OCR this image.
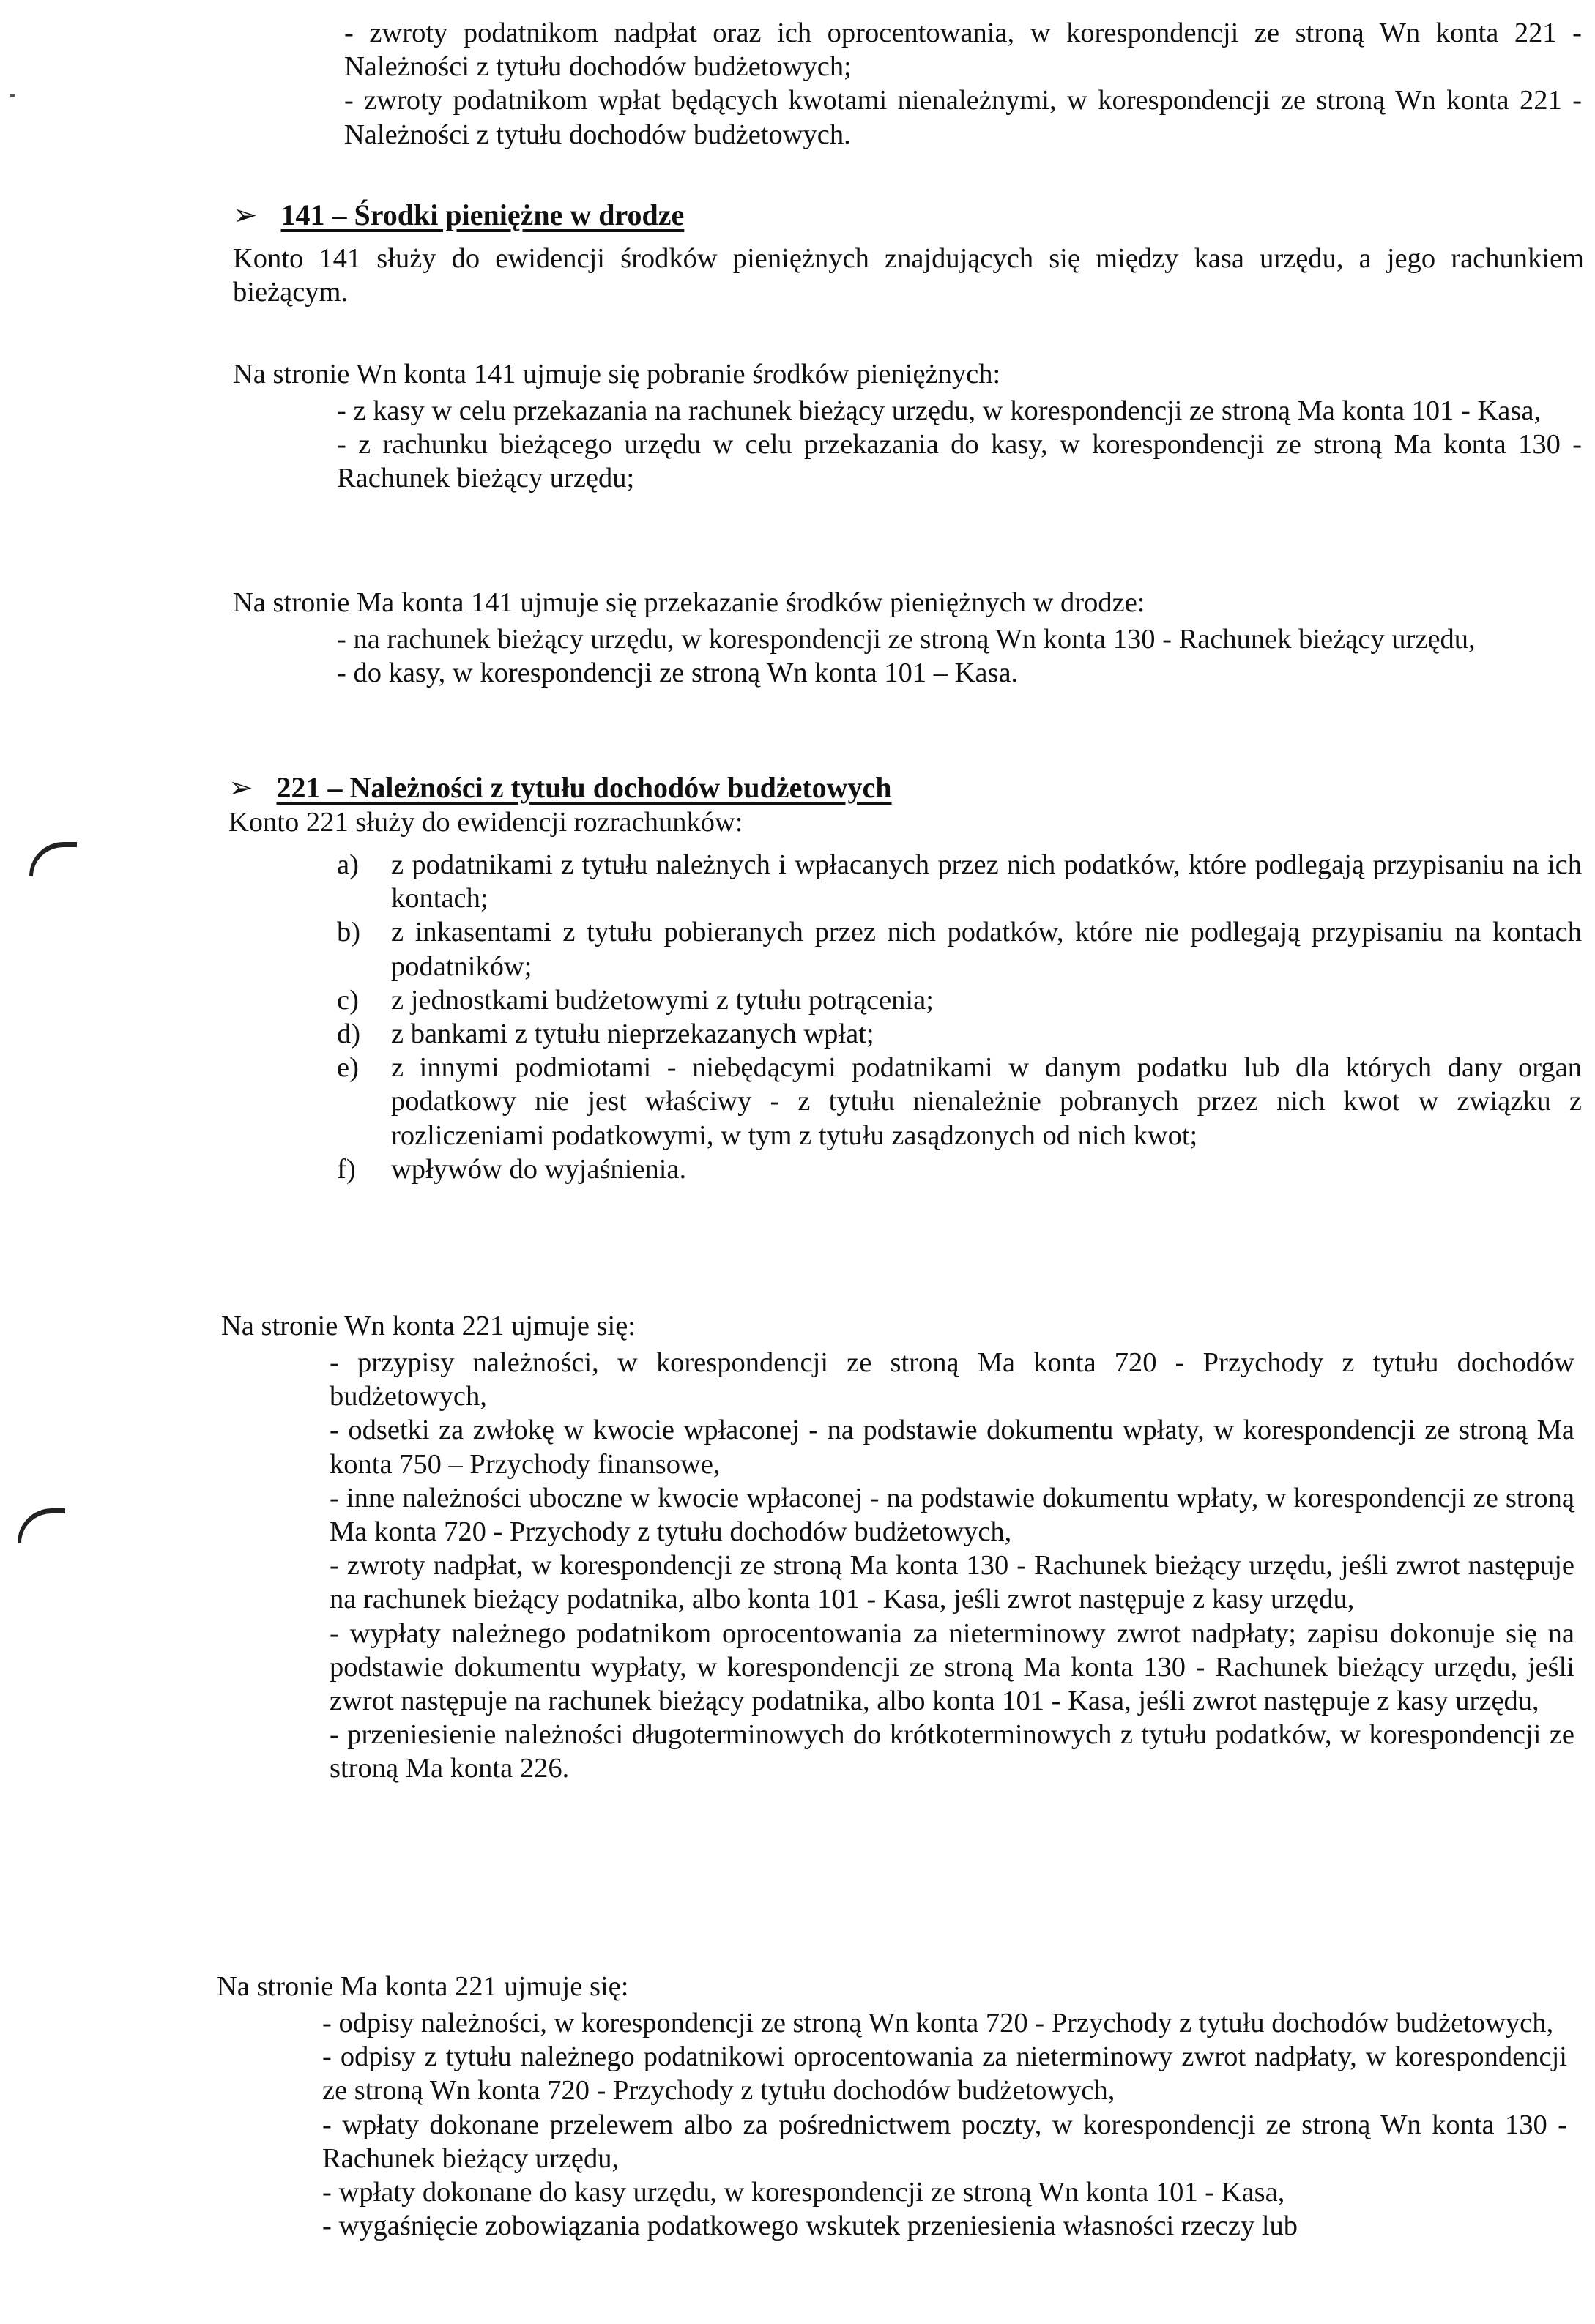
- zwroty podatnikom nadpłat oraz ich oprocentowania, w korespondencji ze stroną Wn konta 221 - Należności z tytułu dochodów budżetowych;

- zwroty podatnikom wpłat będących kwotami nienależnymi, w korespondencji ze stroną Wn konta 221 - Należności z tytułu dochodów budżetowych.

➢ 141 – Środki pieniężne w drodze

Konto 141 służy do ewidencji środków pieniężnych znajdujących się między kasa urzędu, a jego rachunkiem bieżącym.

Na stronie Wn konta 141 ujmuje się pobranie środków pieniężnych:

- z kasy w celu przekazania na rachunek bieżący urzędu, w korespondencji ze stroną Ma konta 101 - Kasa,

- z rachunku bieżącego urzędu w celu przekazania do kasy, w korespondencji ze stroną Ma konta 130 - Rachunek bieżący urzędu;

Na stronie Ma konta 141 ujmuje się przekazanie środków pieniężnych w drodze:

- na rachunek bieżący urzędu, w korespondencji ze stroną Wn konta 130 - Rachunek bieżący urzędu,

- do kasy, w korespondencji ze stroną Wn konta 101 – Kasa.

➢ 221 – Należności z tytułu dochodów budżetowych

Konto 221 służy do ewidencji rozrachunków:

a)	z podatnikami z tytułu należnych i wpłacanych przez nich podatków, które podlegają przypisaniu na ich kontach;
b)	z inkasentami z tytułu pobieranych przez nich podatków, które nie podlegają przypisaniu na kontach podatników;
c)	z jednostkami budżetowymi z tytułu potrącenia;
d)	z bankami z tytułu nieprzekazanych wpłat;
e)	z innymi podmiotami - niebędącymi podatnikami w danym podatku lub dla których dany organ podatkowy nie jest właściwy - z tytułu nienależnie pobranych przez nich kwot w związku z rozliczeniami podatkowymi, w tym z tytułu zasądzonych od nich kwot;
f)	wpływów do wyjaśnienia.

Na stronie Wn konta 221 ujmuje się:

- przypisy należności, w korespondencji ze stroną Ma konta 720 - Przychody z tytułu dochodów budżetowych,

- odsetki za zwłokę w kwocie wpłaconej - na podstawie dokumentu wpłaty, w korespondencji ze stroną Ma konta 750 – Przychody finansowe,

- inne należności uboczne w kwocie wpłaconej - na podstawie dokumentu wpłaty, w korespondencji ze stroną Ma konta 720 - Przychody z tytułu dochodów budżetowych,

- zwroty nadpłat, w korespondencji ze stroną Ma konta 130 - Rachunek bieżący urzędu, jeśli zwrot następuje na rachunek bieżący podatnika, albo konta 101 - Kasa, jeśli zwrot następuje z kasy urzędu,

- wypłaty należnego podatnikom oprocentowania za nieterminowy zwrot nadpłaty; zapisu dokonuje się na podstawie dokumentu wypłaty, w korespondencji ze stroną Ma konta 130 - Rachunek bieżący urzędu, jeśli zwrot następuje na rachunek bieżący podatnika, albo konta 101 - Kasa, jeśli zwrot następuje z kasy urzędu,

- przeniesienie należności długoterminowych do krótkoterminowych z tytułu podatków, w korespondencji ze stroną Ma konta 226.

Na stronie Ma konta 221 ujmuje się:

- odpisy należności, w korespondencji ze stroną Wn konta 720 - Przychody z tytułu dochodów budżetowych,

- odpisy z tytułu należnego podatnikowi oprocentowania za nieterminowy zwrot nadpłaty, w korespondencji ze stroną Wn konta 720 - Przychody z tytułu dochodów budżetowych,

- wpłaty dokonane przelewem albo za pośrednictwem poczty, w korespondencji ze stroną Wn konta 130 - Rachunek bieżący urzędu,

- wpłaty dokonane do kasy urzędu, w korespondencji ze stroną Wn konta 101 - Kasa,

- wygaśnięcie zobowiązania podatkowego wskutek przeniesienia własności rzeczy lub
